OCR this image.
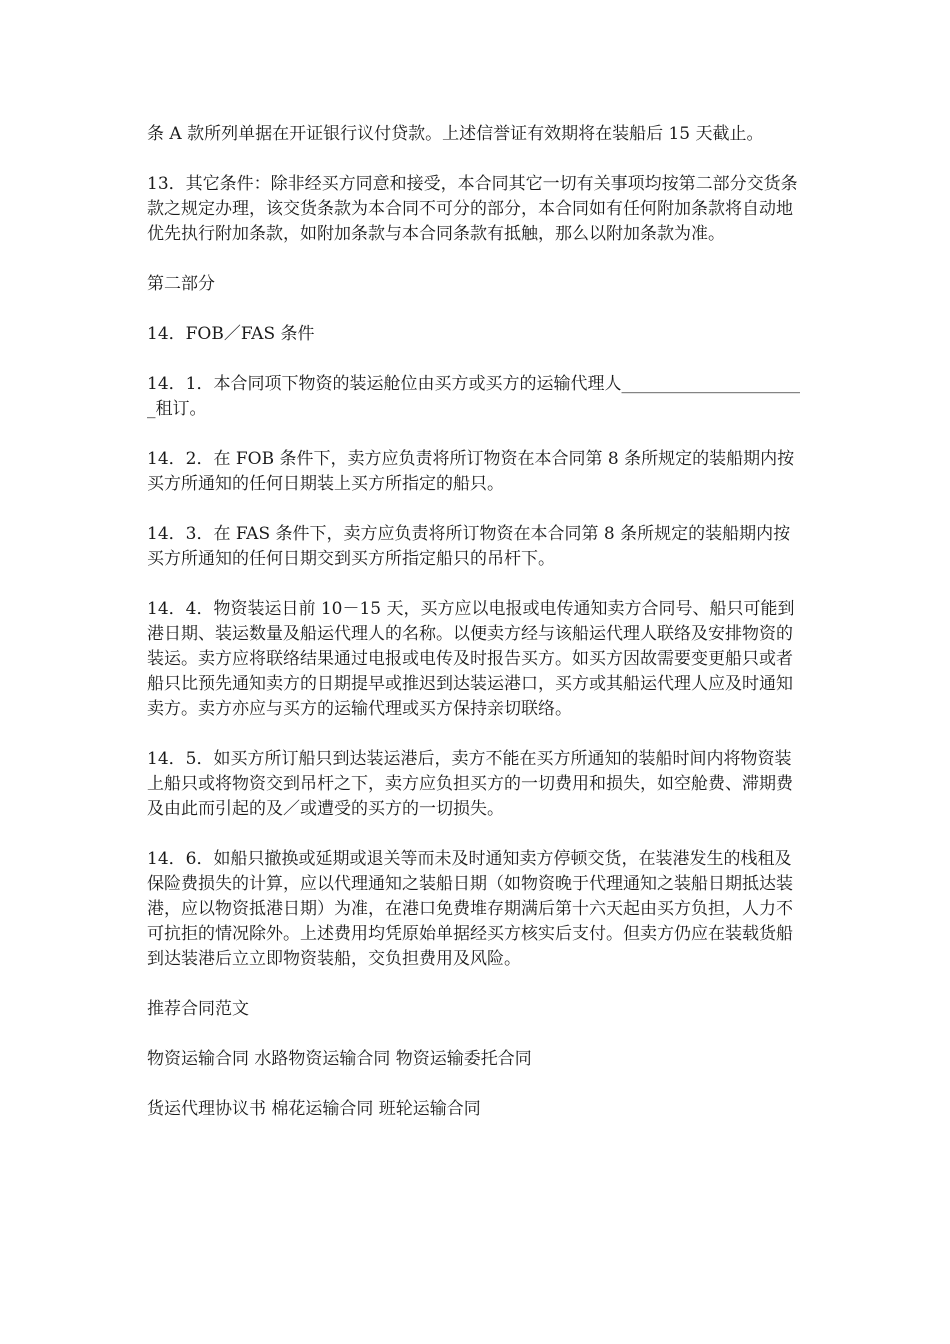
条 A 款所列单据在开证银行议付贷款。上述信誉证有效期将在装船后 15 天截止。

13．其它条件：除非经买方同意和接受，本合同其它一切有关事项均按第二部分交货条款之规定办理，该交货条款为本合同不可分的部分，本合同如有任何附加条款将自动地优先执行附加条款，如附加条款与本合同条款有抵触，那么以附加条款为准。

第二部分

14．FOB／FAS 条件

14．1．本合同项下物资的装运舱位由买方或买方的运输代理人______________________租订。

14．2．在 FOB 条件下，卖方应负责将所订物资在本合同第 8 条所规定的装船期内按买方所通知的任何日期装上买方所指定的船只。

14．3．在 FAS 条件下，卖方应负责将所订物资在本合同第 8 条所规定的装船期内按买方所通知的任何日期交到买方所指定船只的吊杆下。

14．4．物资装运日前 10－15 天，买方应以电报或电传通知卖方合同号、船只可能到港日期、装运数量及船运代理人的名称。以便卖方经与该船运代理人联络及安排物资的装运。卖方应将联络结果通过电报或电传及时报告买方。如买方因故需要变更船只或者船只比预先通知卖方的日期提早或推迟到达装运港口，买方或其船运代理人应及时通知卖方。卖方亦应与买方的运输代理或买方保持亲切联络。

14．5．如买方所订船只到达装运港后，卖方不能在买方所通知的装船时间内将物资装上船只或将物资交到吊杆之下，卖方应负担买方的一切费用和损失，如空舱费、滞期费及由此而引起的及／或遭受的买方的一切损失。

14．6．如船只撤换或延期或退关等而未及时通知卖方停顿交货，在装港发生的栈租及保险费损失的计算，应以代理通知之装船日期（如物资晚于代理通知之装船日期抵达装港，应以物资抵港日期）为准，在港口免费堆存期满后第十六天起由买方负担，人力不可抗拒的情况除外。上述费用均凭原始单据经买方核实后支付。但卖方仍应在装载货船到达装港后立立即物资装船，交负担费用及风险。

推荐合同范文

物资运输合同 水路物资运输合同 物资运输委托合同

货运代理协议书 棉花运输合同 班轮运输合同
